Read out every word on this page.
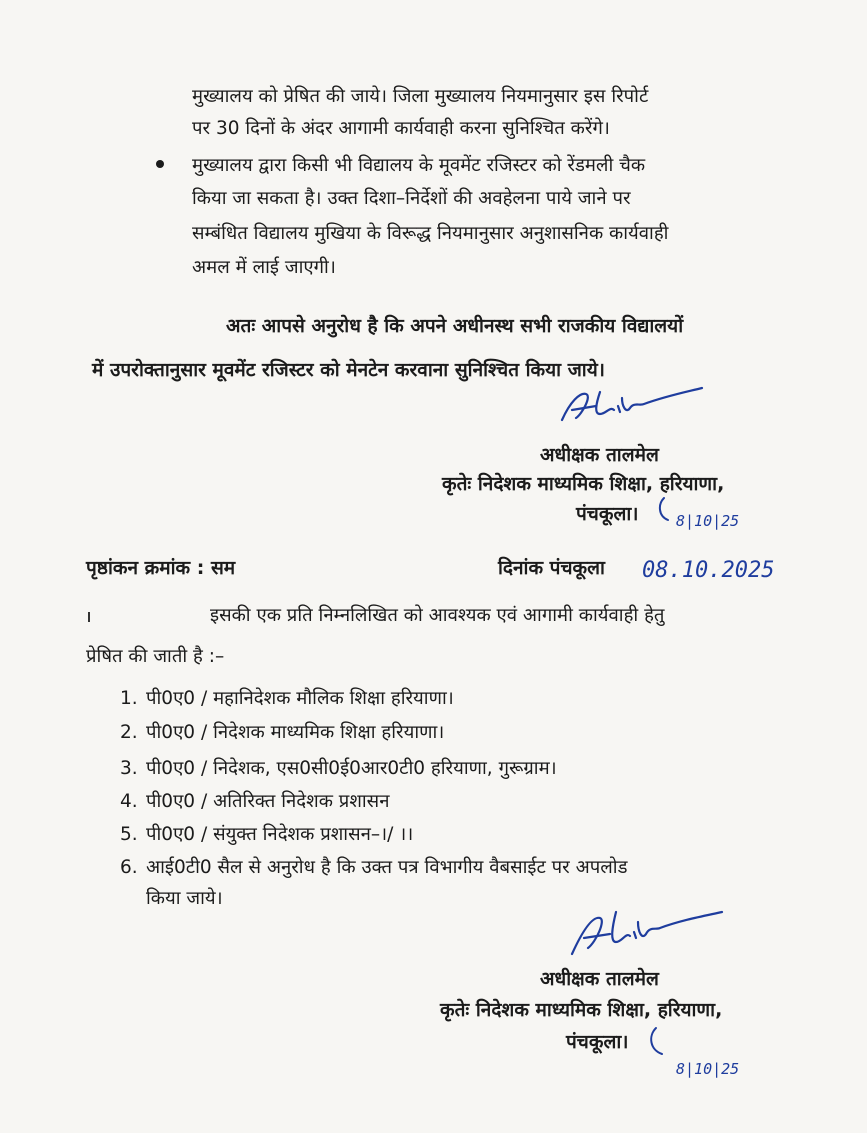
मुख्यालय को प्रेषित की जाये। जिला मुख्यालय नियमानुसार इस रिपोर्ट
पर 30 दिनों के अंदर आगामी कार्यवाही करना सुनिश्चित करेंगे।
मुख्यालय द्वारा किसी भी विद्यालय के मूवमेंट रजिस्टर को रेंडमली चैक
किया जा सकता है। उक्त दिशा–निर्देशों की अवहेलना पाये जाने पर
सम्बंधित विद्यालय मुखिया के विरूद्ध नियमानुसार अनुशासनिक कार्यवाही
अमल में लाई जाएगी।
अतः आपसे अनुरोध है कि अपने अधीनस्थ सभी राजकीय विद्यालयों
में उपरोक्तानुसार मूवमेंट रजिस्टर को मेनटेन करवाना सुनिश्चित किया जाये।
अधीक्षक तालमेल
कृतेः निदेशक माध्यमिक शिक्षा, हरियाणा,
पंचकूला।	8|10|25
पृष्ठांकन क्रमांक : सम	दिनांक पंचकूला 08.10.2025
इसकी एक प्रति निम्नलिखित को आवश्यक एवं आगामी कार्यवाही हेतु
प्रेषित की जाती है :–
1. पी0ए0 / महानिदेशक मौलिक शिक्षा हरियाणा।
2. पी0ए0 / निदेशक माध्यमिक शिक्षा हरियाणा।
3. पी0ए0 / निदेशक, एस0सी0ई0आर0टी0 हरियाणा, गुरूग्राम।
4. पी0ए0 / अतिरिक्त निदेशक प्रशासन
5. पी0ए0 / संयुक्त निदेशक प्रशासन–।/ ।।
6. आई0टी0 सैल से अनुरोध है कि उक्त पत्र विभागीय वैबसाईट पर अपलोड
किया जाये।
अधीक्षक तालमेल
कृतेः निदेशक माध्यमिक शिक्षा, हरियाणा,
पंचकूला।
8|10|25
